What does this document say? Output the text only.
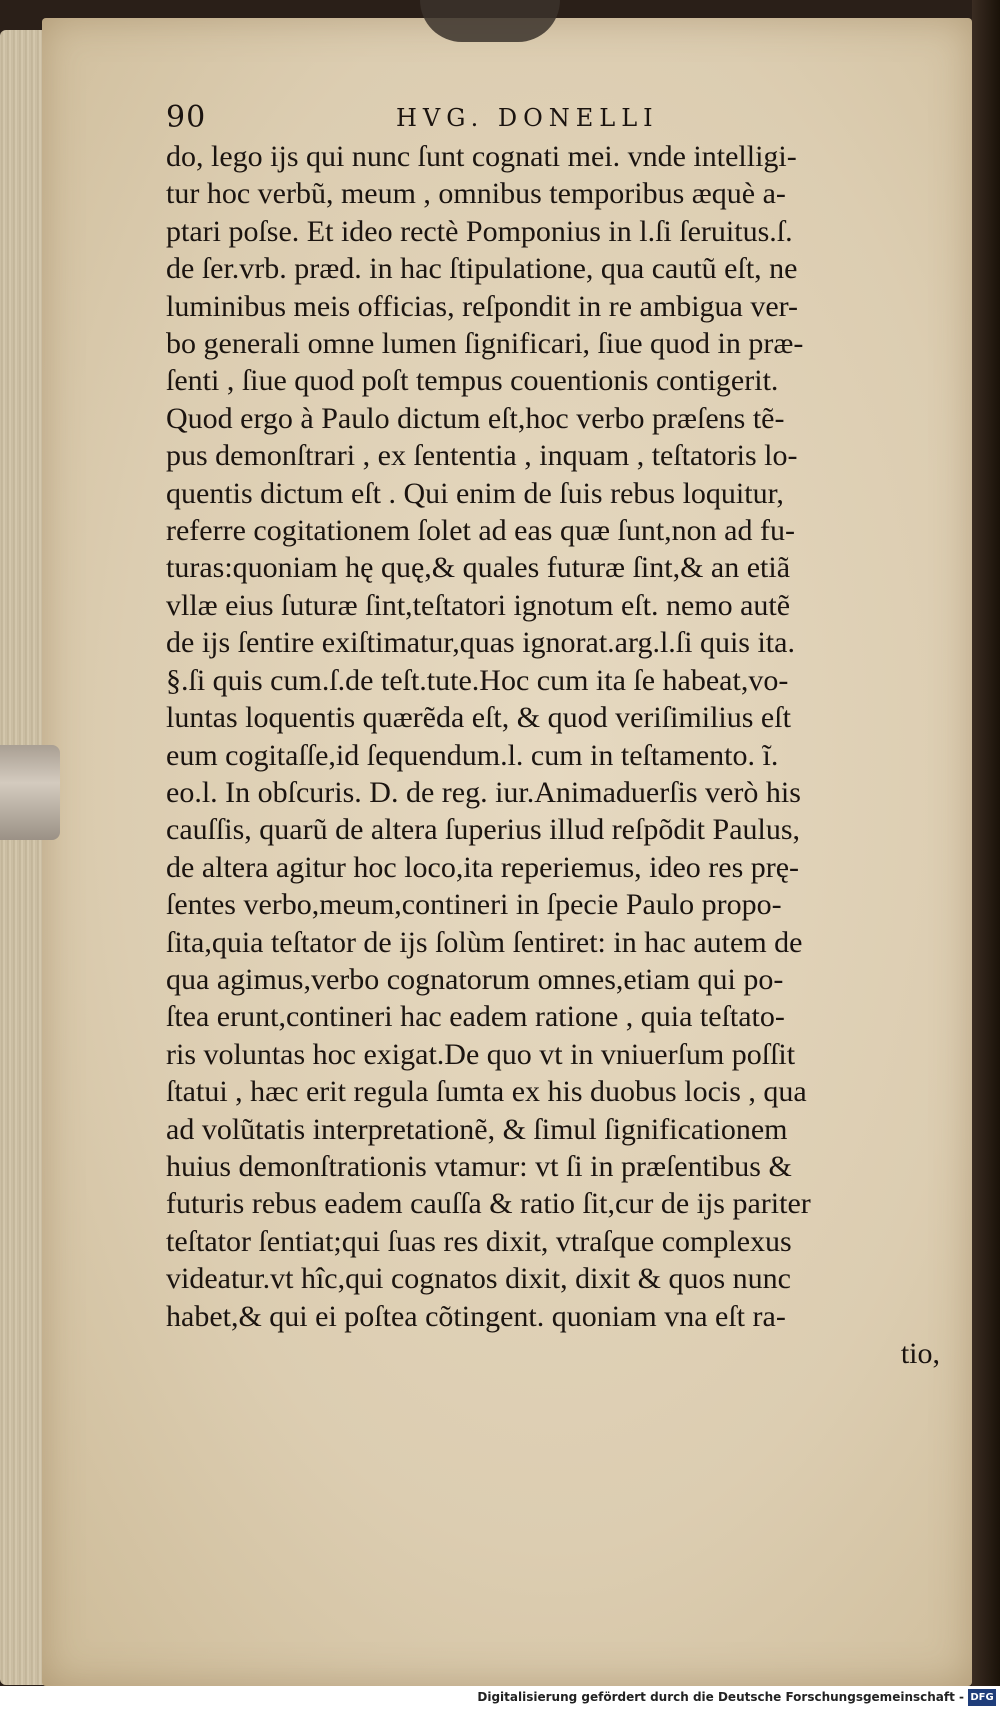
90	HVG. DONELLI
do, lego ijs qui nunc ſunt cognati mei. vnde intelligi-
tur hoc verbũ, meum , omnibus temporibus æquè a-
ptari poſse. Et ideo rectè Pomponius in l.ſi ſeruitus.ſ.
de ſer.vrb. præd. in hac ſtipulatione, qua cautũ eſt, ne
luminibus meis officias, reſpondit in re ambigua ver-
bo generali omne lumen ſignificari, ſiue quod in præ-
ſenti , ſiue quod poſt tempus couentionis contigerit.
Quod ergo à Paulo dictum eſt,hoc verbo præſens tẽ-
pus demonſtrari , ex ſententia , inquam , teſtatoris lo-
quentis dictum eſt . Qui enim de ſuis rebus loquitur,
referre cogitationem ſolet ad eas quæ ſunt,non ad fu-
turas:quoniam hę quę,& quales futuræ ſint,& an etiã
vllæ eius ſuturæ ſint,teſtatori ignotum eſt. nemo autẽ
de ijs ſentire exiſtimatur,quas ignorat.arg.l.ſi quis ita.
§.ſi quis cum.ſ.de teſt.tute.Hoc cum ita ſe habeat,vo-
luntas loquentis quærẽda eſt, & quod veriſimilius eſt
eum cogitaſſe,id ſequendum.l. cum in teſtamento. ĩ.
eo.l. In obſcuris. D. de reg. iur.Animaduerſis verò his
cauſſis, quarũ de altera ſuperius illud reſpõdit Paulus,
de altera agitur hoc loco,ita reperiemus, ideo res prę-
ſentes verbo,meum,contineri in ſpecie Paulo propo-
ſita,quia teſtator de ijs ſolùm ſentiret: in hac autem de
qua agimus,verbo cognatorum omnes,etiam qui po-
ſtea erunt,contineri hac eadem ratione , quia teſtato-
ris voluntas hoc exigat.De quo vt in vniuerſum poſſit
ſtatui , hæc erit regula ſumta ex his duobus locis , qua
ad volũtatis interpretationẽ, & ſimul ſignificationem
huius demonſtrationis vtamur: vt ſi in præſentibus &
futuris rebus eadem cauſſa & ratio ſit,cur de ijs pariter
teſtator ſentiat;qui ſuas res dixit, vtraſque complexus
videatur.vt hîc,qui cognatos dixit, dixit & quos nunc
habet,& qui ei poſtea cõtingent. quoniam vna eſt ra-
tio,
Digitalisierung gefördert durch die Deutsche Forschungsgemeinschaft - DFG
